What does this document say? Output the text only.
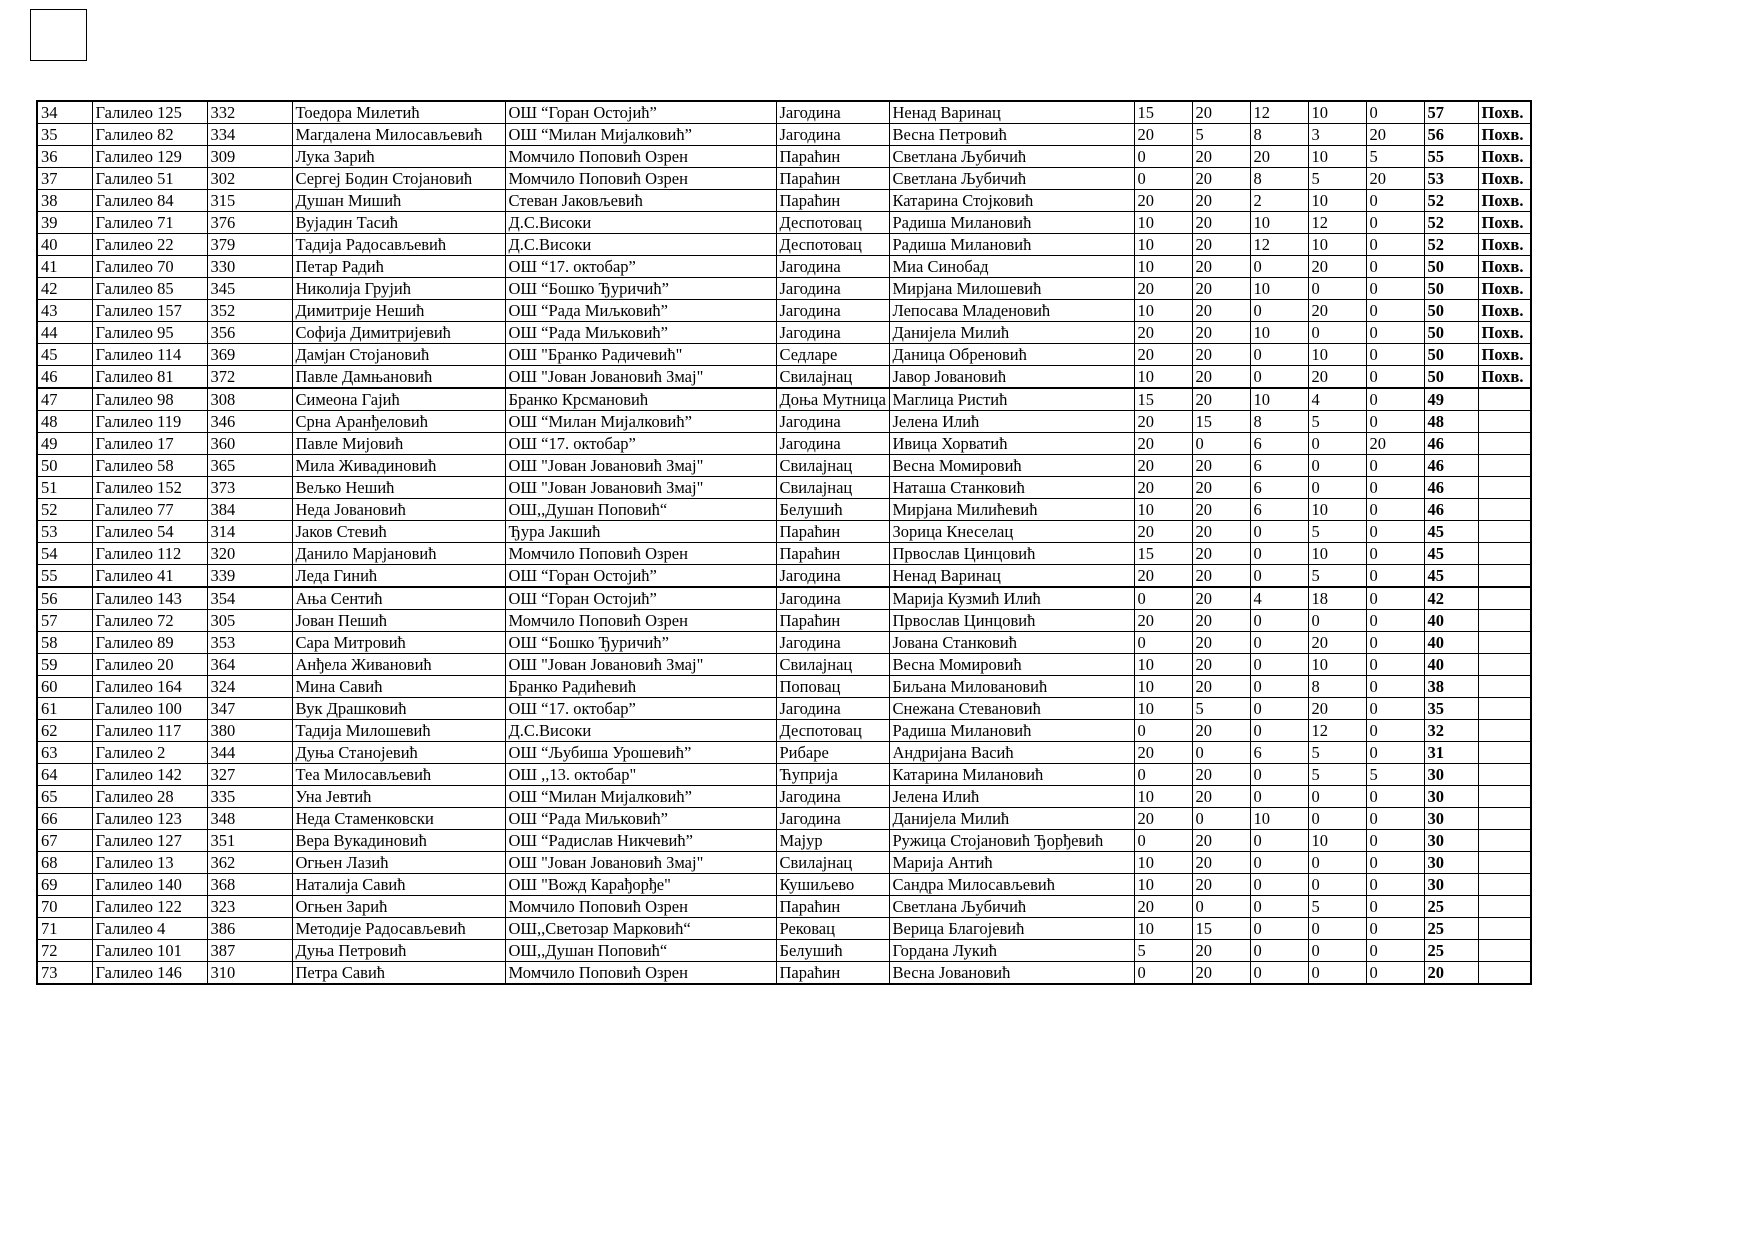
34	Галилео 125	332	Тоедора Милетић	ОШ “Горан Остојић”	Јагодина	Ненад Варинац	15	20	12	10	0	57	Похв.
35	Галилео 82	334	Магдалена Милосављевић	ОШ “Милан Мијалковић”	Јагодина	Весна Петровић	20	5	8	3	20	56	Похв.
36	Галилео 129	309	Лука Зарић	Момчило Поповић Озрен	Параћин	Светлана Љубичић	0	20	20	10	5	55	Похв.
37	Галилео 51	302	Сергеј Бодин Стојановић	Момчило Поповић Озрен	Параћин	Светлана Љубичић	0	20	8	5	20	53	Похв.
38	Галилео 84	315	Душан Мишић	Стеван Јаковљевић	Параћин	Катарина Стојковић	20	20	2	10	0	52	Похв.
39	Галилео 71	376	Вујадин Тасић	Д.С.Високи	Деспотовац	Радиша Милановић	10	20	10	12	0	52	Похв.
40	Галилео 22	379	Тадија Радосављевић	Д.С.Високи	Деспотовац	Радиша Милановић	10	20	12	10	0	52	Похв.
41	Галилео 70	330	Петар Радић	ОШ “17. октобар”	Јагодина	Миа Синобад	10	20	0	20	0	50	Похв.
42	Галилео 85	345	Николија Грујић	ОШ “Бошко Ђуричић”	Јагодина	Мирјана Милошевић	20	20	10	0	0	50	Похв.
43	Галилео 157	352	Димитрије Нешић	ОШ “Рада Миљковић”	Јагодина	Лепосава Младеновић	10	20	0	20	0	50	Похв.
44	Галилео 95	356	Софија Димитријевић	ОШ “Рада Миљковић”	Јагодина	Данијела Милић	20	20	10	0	0	50	Похв.
45	Галилео 114	369	Дамјан Стојановић	ОШ "Бранко Радичевић"	Седларе	Даница Обреновић	20	20	0	10	0	50	Похв.
46	Галилео 81	372	Павле Дамњановић	ОШ "Јован Јовановић Змај"	Свилајнац	Јавор Јовановић	10	20	0	20	0	50	Похв.
47	Галилео 98	308	Симеона Гајић	Бранко Крсмановић	Доња Мутница	Маглица Ристић	15	20	10	4	0	49	
48	Галилео 119	346	Срна Аранђеловић	ОШ “Милан Мијалковић”	Јагодина	Јелена Илић	20	15	8	5	0	48	
49	Галилео 17	360	Павле Мијовић	ОШ “17. октобар”	Јагодина	Ивица Хорватић	20	0	6	0	20	46	
50	Галилео 58	365	Мила Живадиновић	ОШ "Јован Јовановић Змај"	Свилајнац	Весна Момировић	20	20	6	0	0	46	
51	Галилео 152	373	Вељко Нешић	ОШ "Јован Јовановић Змај"	Свилајнац	Наташа Станковић	20	20	6	0	0	46	
52	Галилео 77	384	Неда Јовановић	ОШ,,Душан Поповић“	Белушић	Мирјана Милићевић	10	20	6	10	0	46	
53	Галилео 54	314	Јаков Стевић	Ђура Јакшић	Параћин	Зорица Кнеселац	20	20	0	5	0	45	
54	Галилео 112	320	Данило Марјановић	Момчило Поповић Озрен	Параћин	Првослав Цинцовић	15	20	0	10	0	45	
55	Галилео 41	339	Леда Гинић	ОШ “Горан Остојић”	Јагодина	Ненад Варинац	20	20	0	5	0	45	
56	Галилео 143	354	Ања Сентић	ОШ “Горан Остојић”	Јагодина	Марија Кузмић Илић	0	20	4	18	0	42	
57	Галилео 72	305	Јован Пешић	Момчило Поповић Озрен	Параћин	Првослав Цинцовић	20	20	0	0	0	40	
58	Галилео 89	353	Сара Митровић	ОШ “Бошко Ђуричић”	Јагодина	Јована Станковић	0	20	0	20	0	40	
59	Галилео 20	364	Анђела Живановић	ОШ "Јован Јовановић Змај"	Свилајнац	Весна Момировић	10	20	0	10	0	40	
60	Галилео 164	324	Мина Савић	Бранко Радићевић	Поповац	Биљана Миловановић	10	20	0	8	0	38	
61	Галилео 100	347	Вук Драшковић	ОШ “17. октобар”	Јагодина	Снежана Стевановић	10	5	0	20	0	35	
62	Галилео 117	380	Тадија Милошевић	Д.С.Високи	Деспотовац	Радиша Милановић	0	20	0	12	0	32	
63	Галилео 2	344	Дуња Станојевић	ОШ “Љубиша Урошевић”	Рибаре	Андријана Васић	20	0	6	5	0	31	
64	Галилео 142	327	Теа Милосављевић	ОШ ,,13. октобар"	Ћуприја	Катарина Милановић	0	20	0	5	5	30	
65	Галилео 28	335	Уна Јевтић	ОШ “Милан Мијалковић”	Јагодина	Јелена Илић	10	20	0	0	0	30	
66	Галилео 123	348	Неда Стаменковски	ОШ “Рада Миљковић”	Јагодина	Данијела Милић	20	0	10	0	0	30	
67	Галилео 127	351	Вера Вукадиновић	ОШ “Радислав Никчевић”	Мајур	Ружица Стојановић Ђорђевић	0	20	0	10	0	30	
68	Галилео 13	362	Огњен Лазић	ОШ "Јован Јовановић Змај"	Свилајнац	Марија Антић	10	20	0	0	0	30	
69	Галилео 140	368	Наталија Савић	ОШ "Вожд Карађорђе"	Кушиљево	Сандра Милосављевић	10	20	0	0	0	30	
70	Галилео 122	323	Огњен Зарић	Момчило Поповић Озрен	Параћин	Светлана Љубичић	20	0	0	5	0	25	
71	Галилео 4	386	Методије Радосављевић	ОШ,,Светозар Марковић“	Рековац	Верица Благојевић	10	15	0	0	0	25	
72	Галилео 101	387	Дуња Петровић	ОШ,,Душан Поповић“	Белушић	Гордана Лукић	5	20	0	0	0	25	
73	Галилео 146	310	Петра Савић	Момчило Поповић Озрен	Параћин	Весна Јовановић	0	20	0	0	0	20	
